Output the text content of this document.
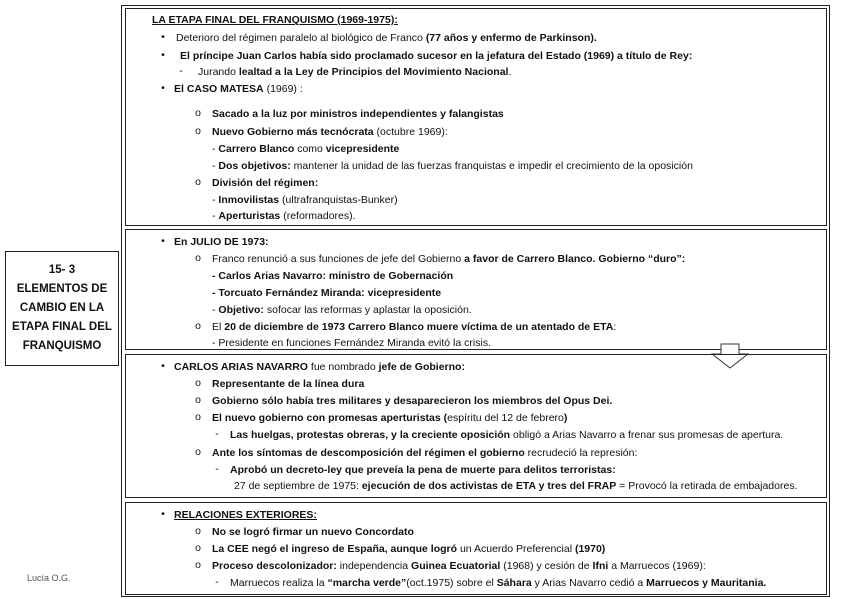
15- 3
ELEMENTOS DE
CAMBIO EN LA
ETAPA FINAL DEL
FRANQUISMO
Lucía O.G.
LA ETAPA FINAL DEL FRANQUISMO (1969-1975):
•	Deterioro del régimen paralelo al biológico de Franco (77 años y enfermo de Parkinson).
•	El príncipe Juan Carlos había sido proclamado sucesor en la jefatura del Estado (1969) a título de Rey:
-	Jurando lealtad a la Ley de Principios del Movimiento Nacional.
• El CASO MATESA (1969) :
o	Sacado a la luz por ministros independientes y falangistas
o	Nuevo Gobierno más tecnócrata (octubre 1969):
- Carrero Blanco como vicepresidente
- Dos objetivos: mantener la unidad de las fuerzas franquistas e impedir el crecimiento de la oposición
o	División del régimen:
- Inmovilistas (ultrafranquistas-Bunker)
- Aperturistas (reformadores).
• En JULIO DE 1973:
o	Franco renunció a sus funciones de jefe del Gobierno a favor de Carrero Blanco. Gobierno “duro”:
- Carlos Arias Navarro: ministro de Gobernación
- Torcuato Fernández Miranda: vicepresidente
- Objetivo: sofocar las reformas y aplastar la oposición.
o	El 20 de diciembre de 1973 Carrero Blanco muere víctima de un atentado de ETA:
- Presidente en funciones Fernández Miranda evitó la crisis.
• CARLOS ARIAS NAVARRO fue nombrado jefe de Gobierno:
o	Representante de la línea dura
o	Gobierno sólo había tres militares y desaparecieron los miembros del Opus Dei.
o	El nuevo gobierno con promesas aperturistas (espíritu del 12 de febrero)
-	Las huelgas, protestas obreras, y la creciente oposición obligó a Arias Navarro a frenar sus promesas de apertura.
o	Ante los síntomas de descomposición del régimen el gobierno recrudeció la represión:
-	Aprobó un decreto-ley que preveía la pena de muerte para delitos terroristas:
27 de septiembre de 1975: ejecución de dos activistas de ETA y tres del FRAP = Provocó la retirada de embajadores.
• RELACIONES EXTERIORES:
o	No se logró firmar un nuevo Concordato
o	La CEE negó el ingreso de España, aunque logró un Acuerdo Preferencial (1970)
o	Proceso descolonizador: independencia Guinea Ecuatorial (1968) y cesión de Ifni a Marruecos (1969):
-	Marruecos realiza la “marcha verde”(oct.1975) sobre el Sáhara y Arias Navarro cedió a Marruecos y Mauritania.
